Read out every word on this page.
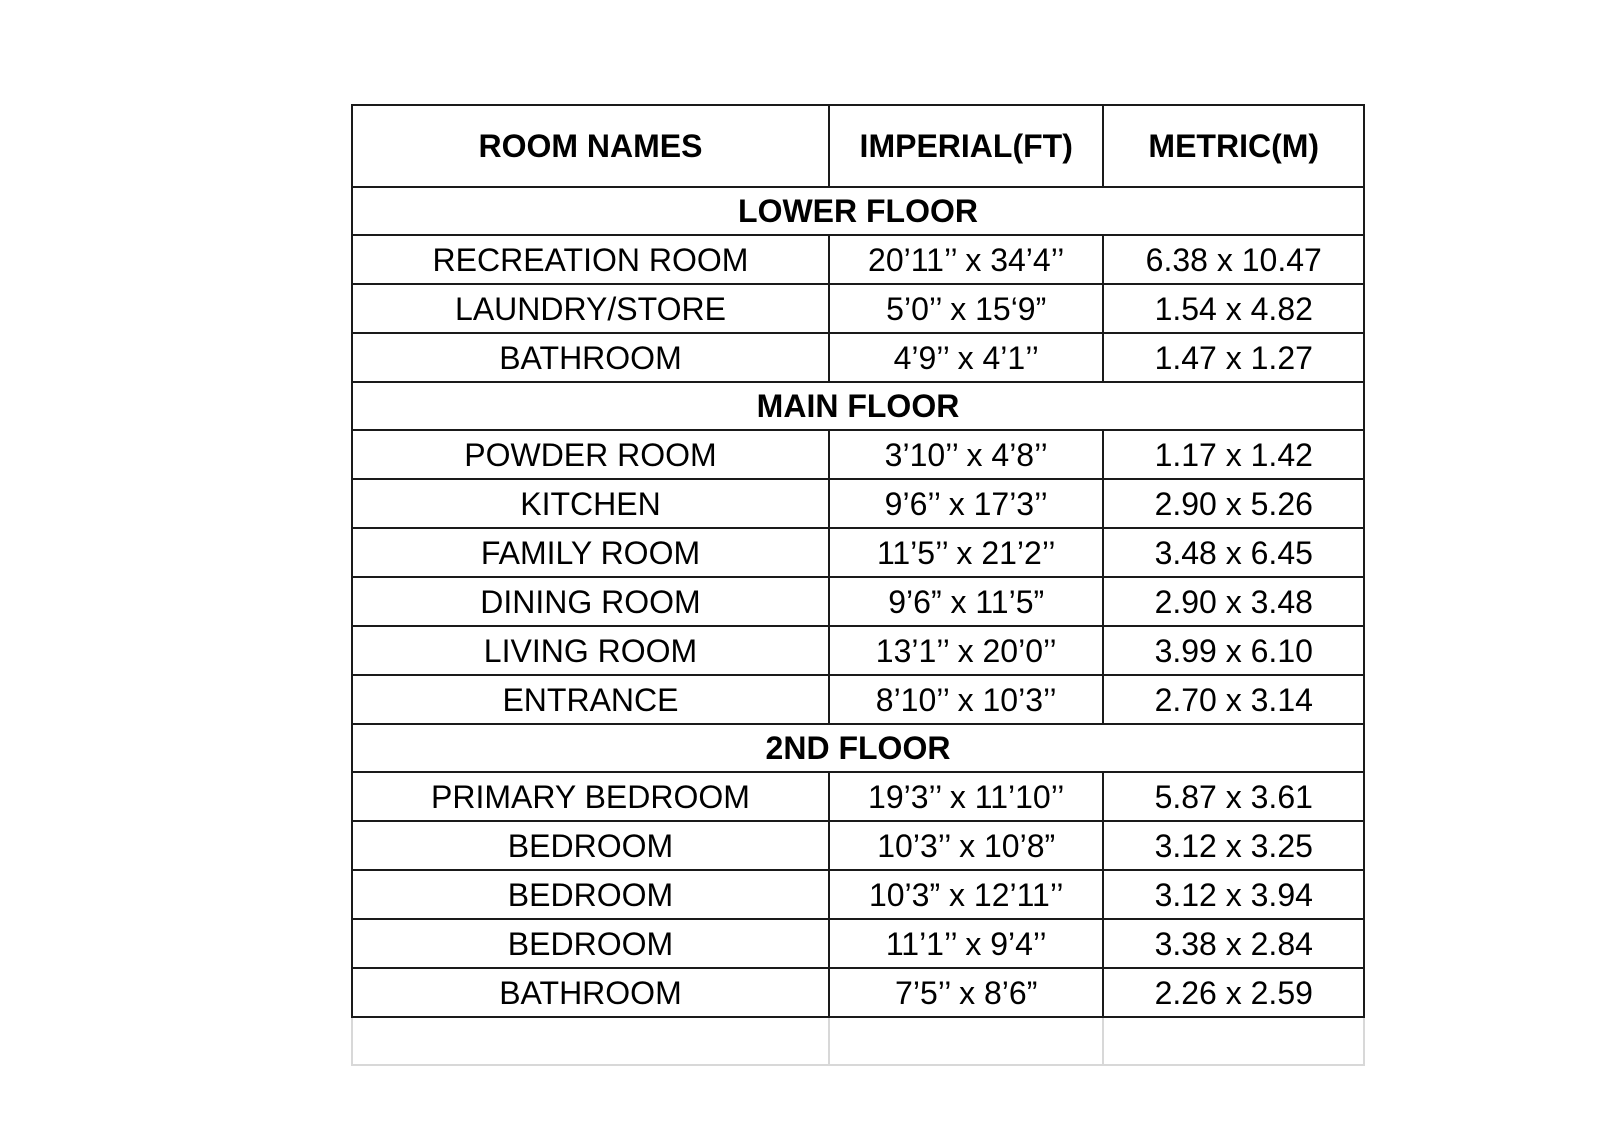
ROOM NAMES	IMPERIAL(FT)	METRIC(M)
LOWER FLOOR		
RECREATION ROOM	20’11’’ x 34’4’’	6.38 x 10.47
LAUNDRY/STORE	5’0’’ x 15‘9”	1.54 x 4.82
BATHROOM	4’9’’ x 4’1’’	1.47 x 1.27
MAIN FLOOR		
POWDER ROOM	3’10’’ x 4’8’’	1.17 x 1.42
KITCHEN	9’6’’ x 17’3’’	2.90 x 5.26
FAMILY ROOM	11’5’’ x 21’2’’	3.48 x 6.45
DINING ROOM	9’6” x 11’5”	2.90 x 3.48
LIVING ROOM	13’1’’ x 20’0’’	3.99 x 6.10
ENTRANCE	8’10’’ x 10’3’’	2.70 x 3.14
2ND FLOOR		
PRIMARY BEDROOM	19’3’’ x 11’10’’	5.87 x 3.61
BEDROOM	10’3’’ x 10’8”	3.12 x 3.25
BEDROOM	10’3” x 12’11’’	3.12 x 3.94
BEDROOM	11’1’’ x 9’4’’	3.38 x 2.84
BATHROOM	7’5’’ x 8’6”	2.26 x 2.59
